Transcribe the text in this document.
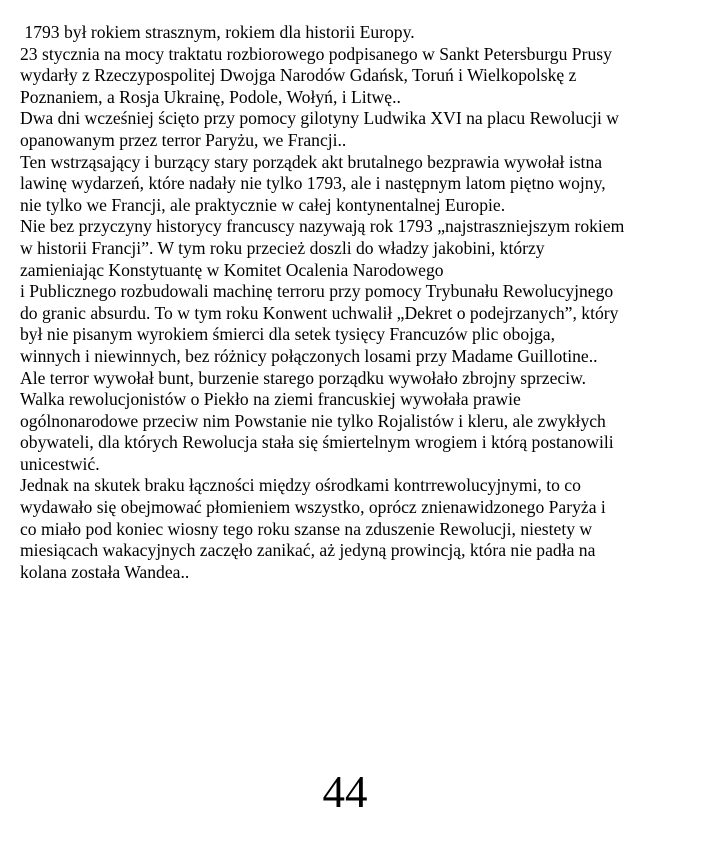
1793 był rokiem strasznym, rokiem dla historii Europy.
23 stycznia na mocy traktatu rozbiorowego podpisanego w Sankt Petersburgu Prusy
wydarły z Rzeczypospolitej Dwojga Narodów Gdańsk, Toruń i Wielkopolskę z
Poznaniem, a Rosja Ukrainę, Podole, Wołyń, i Litwę..
Dwa dni wcześniej ścięto przy pomocy gilotyny Ludwika XVI na placu Rewolucji w
opanowanym przez terror Paryżu, we Francji..
Ten wstrząsający i burzący stary porządek akt brutalnego bezprawia wywołał istna
lawinę wydarzeń, które nadały nie tylko 1793, ale i następnym latom piętno wojny,
nie tylko we Francji, ale praktycznie w całej kontynentalnej Europie.
Nie bez przyczyny historycy francuscy nazywają rok 1793 „najstraszniejszym rokiem
w historii Francji”. W tym roku przecież doszli do władzy jakobini, którzy
zamieniając Konstytuantę w Komitet Ocalenia Narodowego
i Publicznego rozbudowali machinę terroru przy pomocy Trybunału Rewolucyjnego
do granic absurdu. To w tym roku Konwent uchwalił „Dekret o podejrzanych”, który
był nie pisanym wyrokiem śmierci dla setek tysięcy Francuzów plic obojga,
winnych i niewinnych, bez różnicy połączonych losami przy Madame Guillotine..
Ale terror wywołał bunt, burzenie starego porządku wywołało zbrojny sprzeciw.
Walka rewolucjonistów o Piekło na ziemi francuskiej wywołała prawie
ogólnonarodowe przeciw nim Powstanie nie tylko Rojalistów i kleru, ale zwykłych
obywateli, dla których Rewolucja stała się śmiertelnym wrogiem i którą postanowili
unicestwić.
Jednak na skutek braku łączności między ośrodkami kontrrewolucyjnymi, to co
wydawało się obejmować płomieniem wszystko, oprócz znienawidzonego Paryża i
co miało pod koniec wiosny tego roku szanse na zduszenie Rewolucji, niestety w
miesiącach wakacyjnych zaczęło zanikać, aż jedyną prowincją, która nie padła na
kolana została Wandea..
44
